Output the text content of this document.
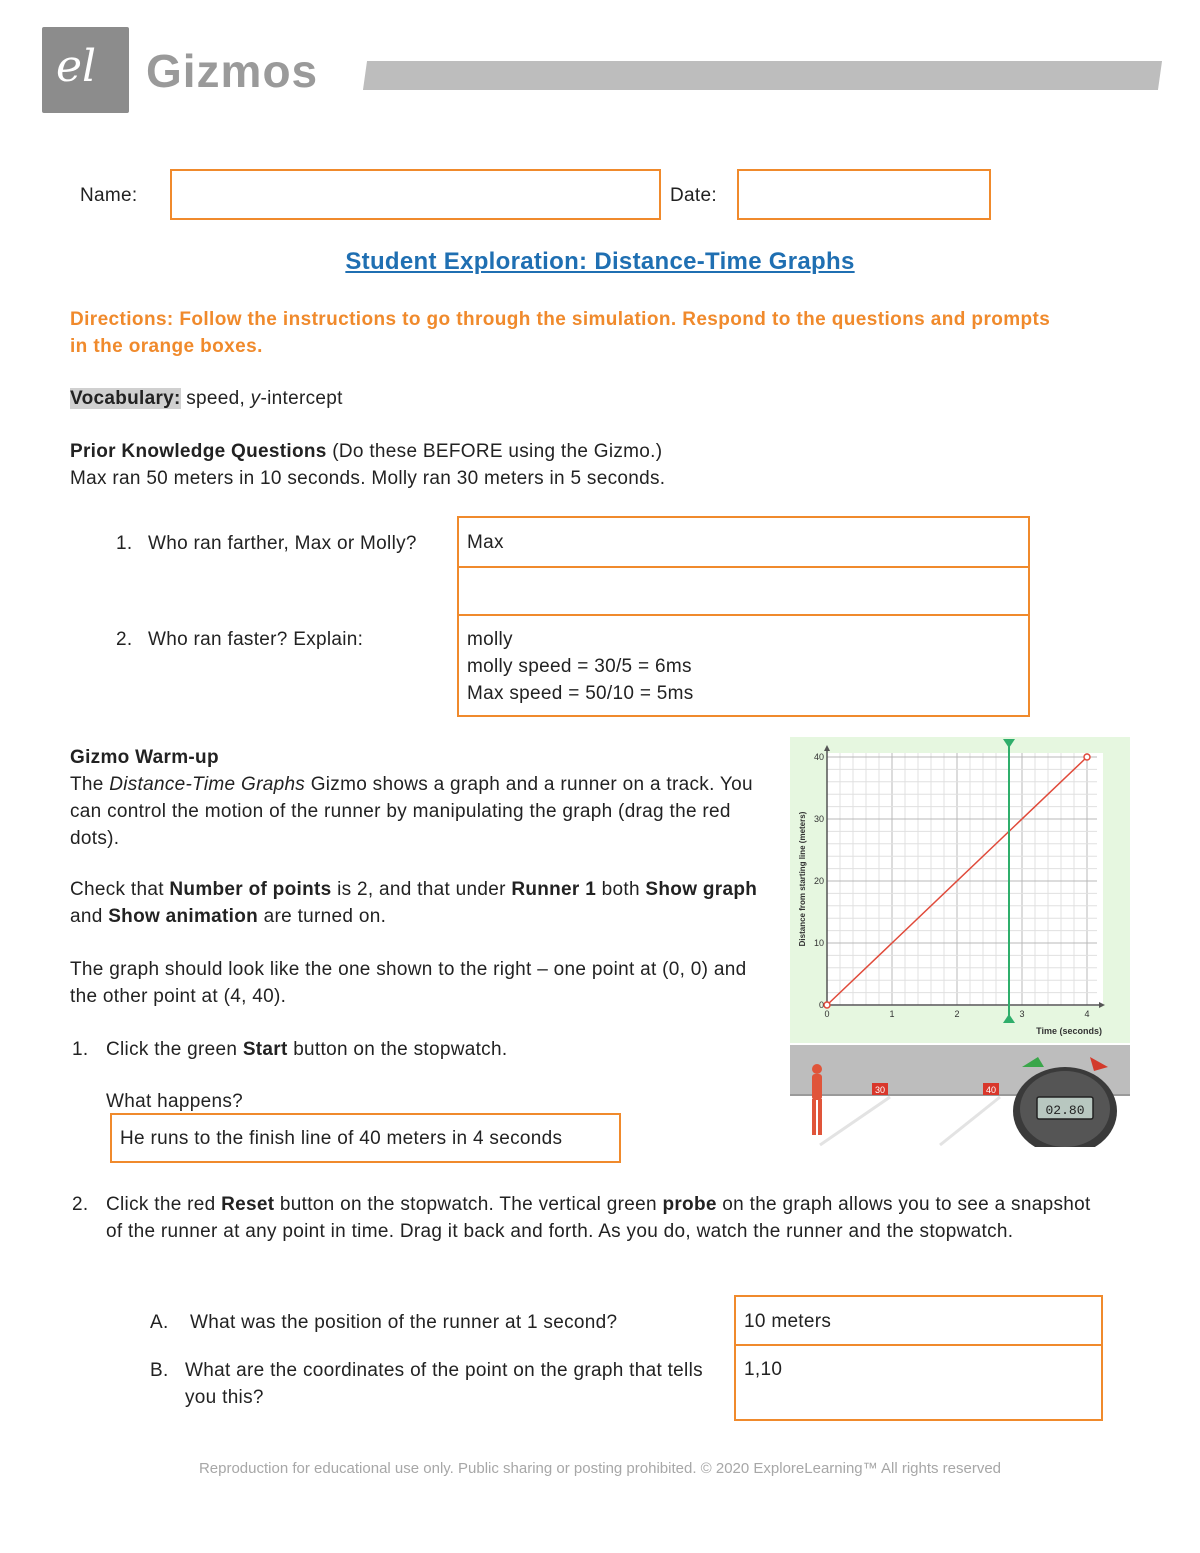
el Gizmos
Name:	Date:
Student Exploration: Distance-Time Graphs
Directions: Follow the instructions to go through the simulation. Respond to the questions and prompts in the orange boxes.
Vocabulary: speed, y-intercept
Prior Knowledge Questions (Do these BEFORE using the Gizmo.)
Max ran 50 meters in 10 seconds. Molly ran 30 meters in 5 seconds.
1. Who ran farther, Max or Molly?	Max
2. Who ran faster? Explain:	molly
molly speed = 30/5 = 6ms
Max speed = 50/10 = 5ms
Gizmo Warm-up
The Distance-Time Graphs Gizmo shows a graph and a runner on a track. You can control the motion of the runner by manipulating the graph (drag the red dots).
Check that Number of points is 2, and that under Runner 1 both Show graph and Show animation are turned on.
The graph should look like the one shown to the right – one point at (0, 0) and the other point at (4, 40).
1. Click the green Start button on the stopwatch.
What happens?
He runs to the finish line of 40 meters in 4 seconds
2. Click the red Reset button on the stopwatch. The vertical green probe on the graph allows you to see a snapshot of the runner at any point in time. Drag it back and forth. As you do, watch the runner and the stopwatch.
A. What was the position of the runner at 1 second?	10 meters
B. What are the coordinates of the point on the graph that tells you this?
1,10
0	1	2	3	4
0
10
20
30
40
Distance from starting line (meters)
Time (seconds)
30	40
02.80
Reproduction for educational use only. Public sharing or posting prohibited. © 2020 ExploreLearning™ All rights reserved
